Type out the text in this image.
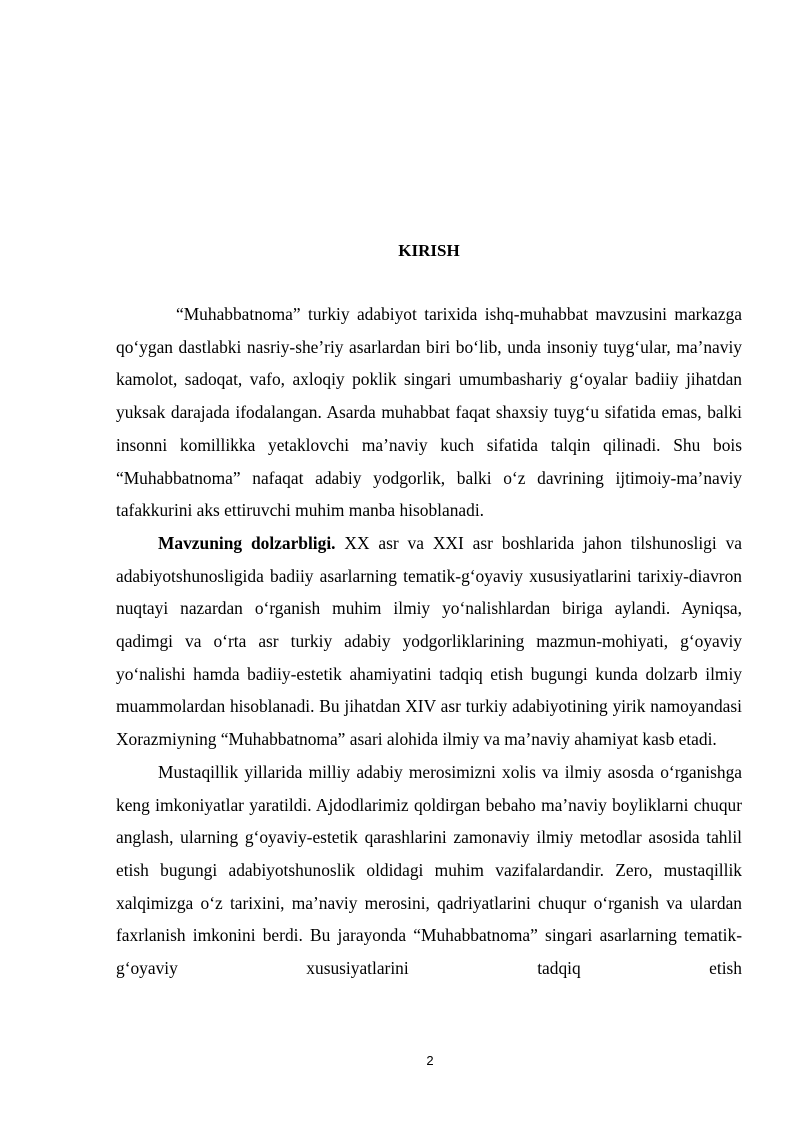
KIRISH

“Muhabbatnoma” turkiy adabiyot tarixida ishq-muhabbat mavzusini markazga qo‘ygan dastlabki nasriy-she’riy asarlardan biri bo‘lib, unda insoniy tuyg‘ular, ma’naviy kamolot, sadoqat, vafo, axloqiy poklik singari umumbashariy g‘oyalar badiiy jihatdan yuksak darajada ifodalangan. Asarda muhabbat faqat shaxsiy tuyg‘u sifatida emas, balki insonni komillikka yetaklovchi ma’naviy kuch sifatida talqin qilinadi. Shu bois “Muhabbatnoma” nafaqat adabiy yodgorlik, balki o‘z davrining ijtimoiy-ma’naviy tafakkurini aks ettiruvchi muhim manba hisoblanadi.

Mavzuning dolzarbligi. XX asr va XXI asr boshlarida jahon tilshunosligi va adabiyotshunosligida badiiy asarlarning tematik-g‘oyaviy xususiyatlarini tarixiy-diavron nuqtayi nazardan o‘rganish muhim ilmiy yo‘nalishlardan biriga aylandi. Ayniqsa, qadimgi va o‘rta asr turkiy adabiy yodgorliklarining mazmun-mohiyati, g‘oyaviy yo‘nalishi hamda badiiy-estetik ahamiyatini tadqiq etish bugungi kunda dolzarb ilmiy muammolardan hisoblanadi. Bu jihatdan XIV asr turkiy adabiyotining yirik namoyandasi Xorazmiyning “Muhabbatnoma” asari alohida ilmiy va ma’naviy ahamiyat kasb etadi.

Mustaqillik yillarida milliy adabiy merosimizni xolis va ilmiy asosda o‘rganishga keng imkoniyatlar yaratildi. Ajdodlarimiz qoldirgan bebaho ma’naviy boyliklarni chuqur anglash, ularning g‘oyaviy-estetik qarashlarini zamonaviy ilmiy metodlar asosida tahlil etish bugungi adabiyotshunoslik oldidagi muhim vazifalardandir. Zero, mustaqillik xalqimizga o‘z tarixini, ma’naviy merosini, qadriyatlarini chuqur o‘rganish va ulardan faxrlanish imkonini berdi. Bu jarayonda “Muhabbatnoma” singari asarlarning tematik-g‘oyaviy xususiyatlarini tadqiq etish

2
